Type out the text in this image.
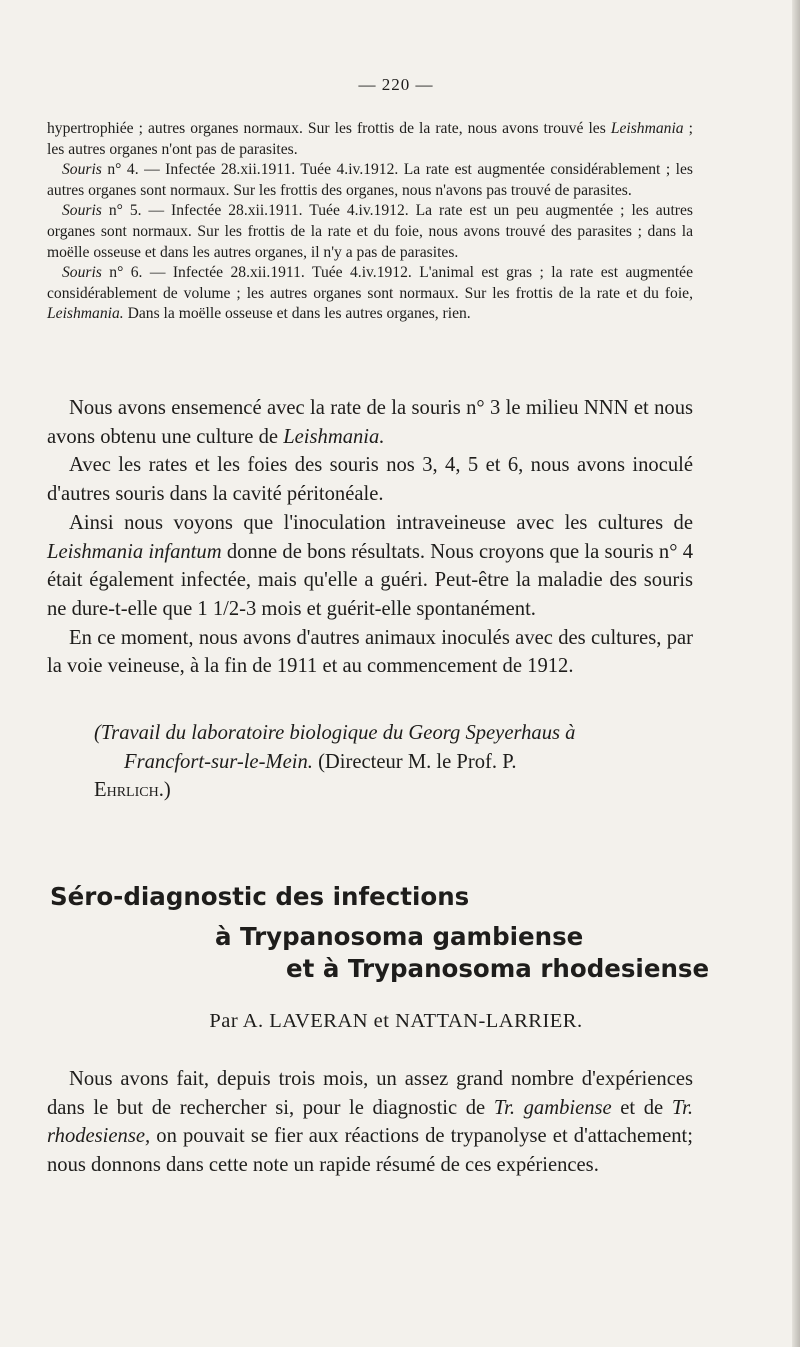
— 220 —

hypertrophiée ; autres organes normaux. Sur les frottis de la rate, nous avons trouvé les Leishmania ; les autres organes n'ont pas de parasites.

Souris n° 4. — Infectée 28.xii.1911. Tuée 4.iv.1912. La rate est augmentée considérablement ; les autres organes sont normaux. Sur les frottis des organes, nous n'avons pas trouvé de parasites.

Souris n° 5. — Infectée 28.xii.1911. Tuée 4.iv.1912. La rate est un peu augmentée ; les autres organes sont normaux. Sur les frottis de la rate et du foie, nous avons trouvé des parasites ; dans la moëlle osseuse et dans les autres organes, il n'y a pas de parasites.

Souris n° 6. — Infectée 28.xii.1911. Tuée 4.iv.1912. L'animal est gras ; la rate est augmentée considérablement de volume ; les autres organes sont normaux. Sur les frottis de la rate et du foie, Leishmania. Dans la moëlle osseuse et dans les autres organes, rien.

Nous avons ensemencé avec la rate de la souris n° 3 le milieu NNN et nous avons obtenu une culture de Leishmania.

Avec les rates et les foies des souris nos 3, 4, 5 et 6, nous avons inoculé d'autres souris dans la cavité péritonéale.

Ainsi nous voyons que l'inoculation intraveineuse avec les cultures de Leishmania infantum donne de bons résultats. Nous croyons que la souris n° 4 était également infectée, mais qu'elle a guéri. Peut-être la maladie des souris ne dure-t-elle que 1 1/2-3 mois et guérit-elle spontanément.

En ce moment, nous avons d'autres animaux inoculés avec des cultures, par la voie veineuse, à la fin de 1911 et au commencement de 1912.

(Travail du laboratoire biologique du Georg Speyerhaus à
Francfort-sur-le-Mein. (Directeur M. le Prof. P.
Ehrlich.)
Séro-diagnostic des infections
à Trypanosoma gambiense
et à Trypanosoma rhodesiense
Par A. LAVERAN et NATTAN-LARRIER.

Nous avons fait, depuis trois mois, un assez grand nombre d'expériences dans le but de rechercher si, pour le diagnostic de Tr. gambiense et de Tr. rhodesiense, on pouvait se fier aux réactions de trypanolyse et d'attachement; nous donnons dans cette note un rapide résumé de ces expériences.
